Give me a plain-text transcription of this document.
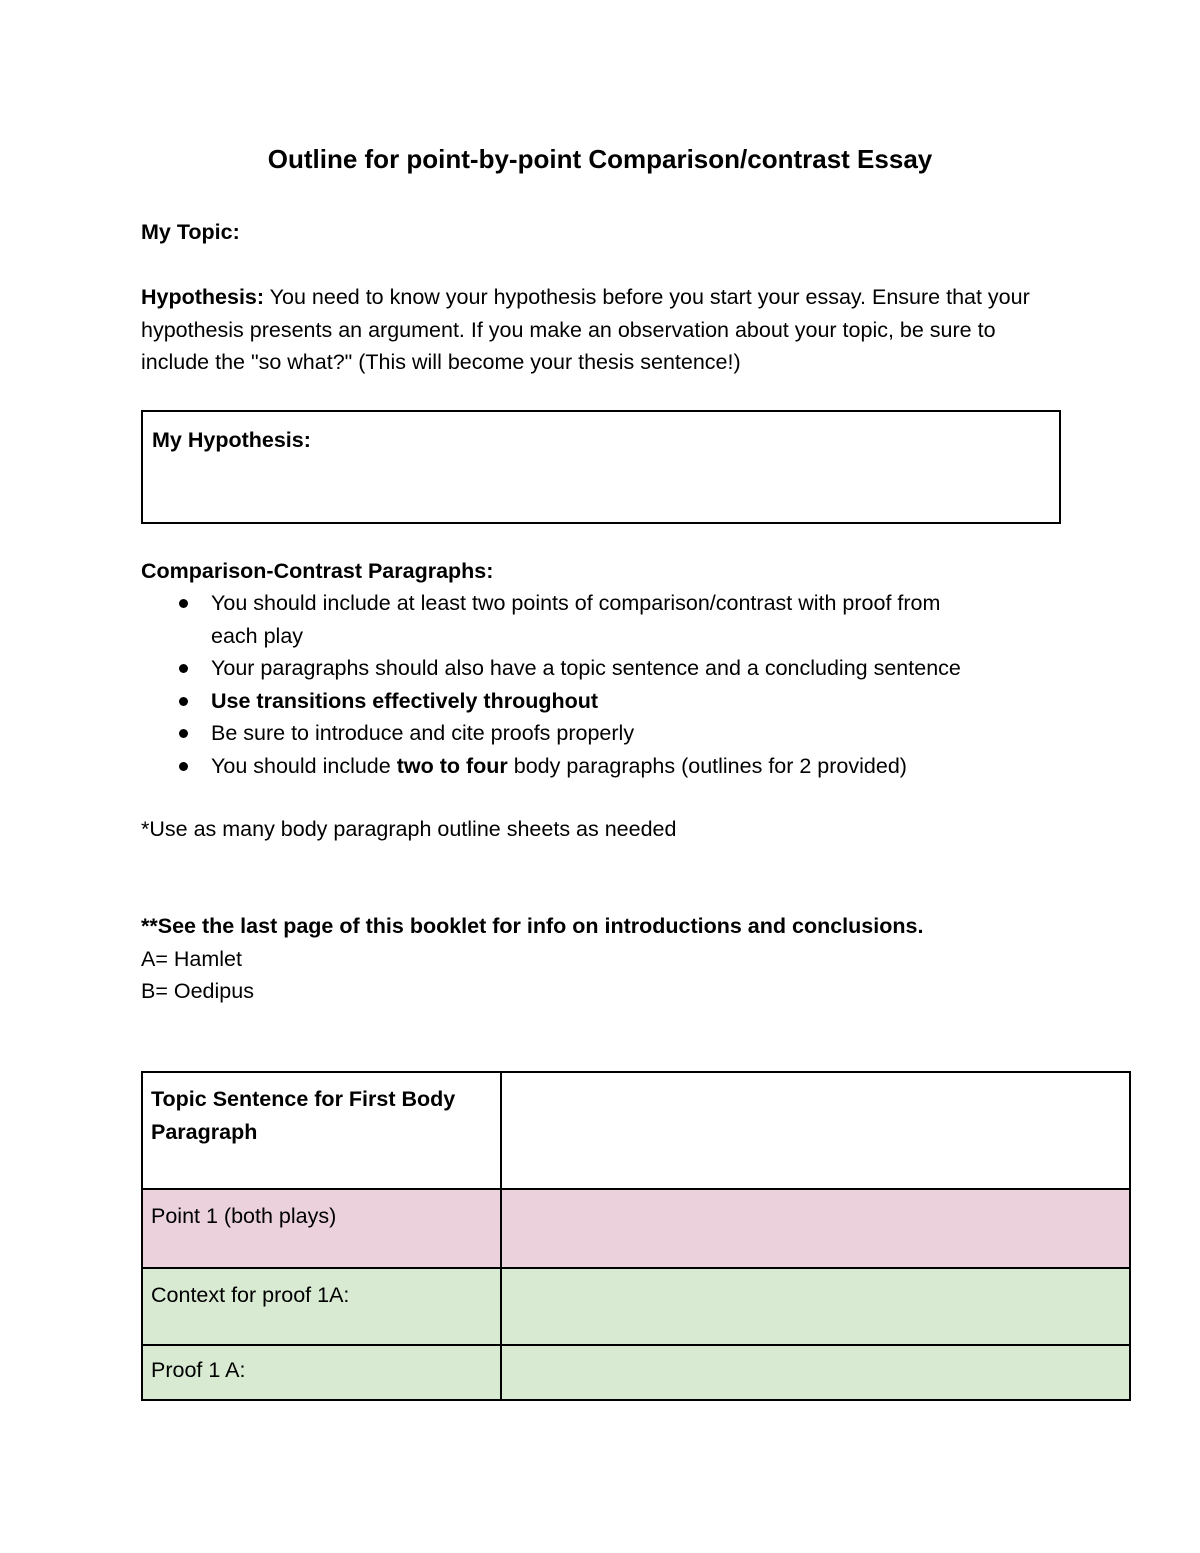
Outline for point-by-point Comparison/contrast Essay
My Topic:
Hypothesis: You need to know your hypothesis before you start your essay. Ensure that your hypothesis presents an argument. If you make an observation about your topic, be sure to include the "so what?" (This will become your thesis sentence!)
My Hypothesis:
Comparison-Contrast Paragraphs:
You should include at least two points of comparison/contrast with proof from each play
Your paragraphs should also have a topic sentence and a concluding sentence
Use transitions effectively throughout
Be sure to introduce and cite proofs properly
You should include two to four body paragraphs (outlines for 2 provided)
*Use as many body paragraph outline sheets as needed
**See the last page of this booklet for info on introductions and conclusions.
A= Hamlet
B= Oedipus
Topic Sentence for First Body Paragraph	
Point 1 (both plays)	
Context for proof 1A:	
Proof 1 A:	
